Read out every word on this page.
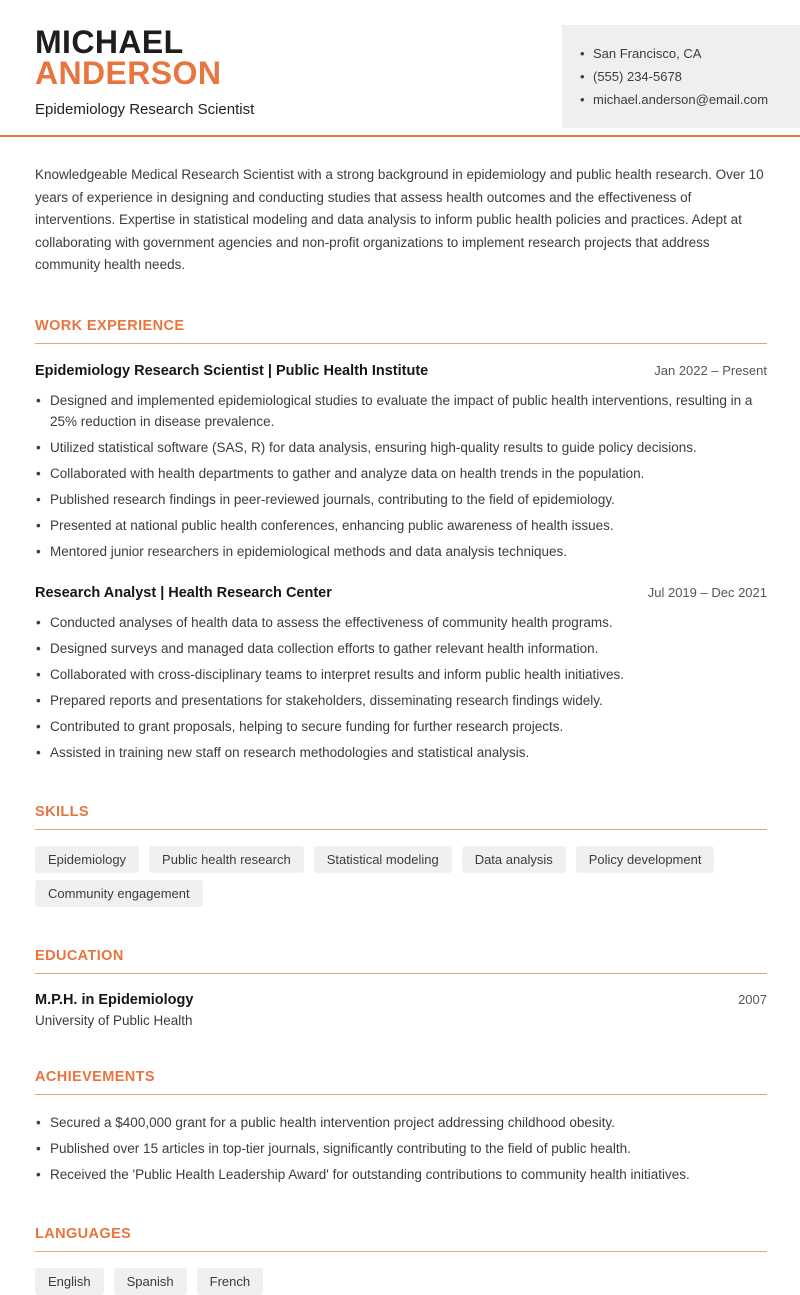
MICHAEL
ANDERSON
Epidemiology Research Scientist
• San Francisco, CA
• (555) 234-5678
• michael.anderson@email.com

Knowledgeable Medical Research Scientist with a strong background in epidemiology and public health research. Over 10 years of experience in designing and conducting studies that assess health outcomes and the effectiveness of interventions. Expertise in statistical modeling and data analysis to inform public health policies and practices. Adept at collaborating with government agencies and non-profit organizations to implement research projects that address community health needs.

WORK EXPERIENCE
Epidemiology Research Scientist | Public Health Institute	Jan 2022 – Present
• Designed and implemented epidemiological studies to evaluate the impact of public health interventions, resulting in a 25% reduction in disease prevalence.
• Utilized statistical software (SAS, R) for data analysis, ensuring high-quality results to guide policy decisions.
• Collaborated with health departments to gather and analyze data on health trends in the population.
• Published research findings in peer-reviewed journals, contributing to the field of epidemiology.
• Presented at national public health conferences, enhancing public awareness of health issues.
• Mentored junior researchers in epidemiological methods and data analysis techniques.
Research Analyst | Health Research Center	Jul 2019 – Dec 2021
• Conducted analyses of health data to assess the effectiveness of community health programs.
• Designed surveys and managed data collection efforts to gather relevant health information.
• Collaborated with cross-disciplinary teams to interpret results and inform public health initiatives.
• Prepared reports and presentations for stakeholders, disseminating research findings widely.
• Contributed to grant proposals, helping to secure funding for further research projects.
• Assisted in training new staff on research methodologies and statistical analysis.
SKILLS
Epidemiology	Public health research	Statistical modeling	Data analysis	Policy development
Community engagement
EDUCATION
M.P.H. in Epidemiology	2007
University of Public Health
ACHIEVEMENTS
• Secured a $400,000 grant for a public health intervention project addressing childhood obesity.
• Published over 15 articles in top-tier journals, significantly contributing to the field of public health.
• Received the 'Public Health Leadership Award' for outstanding contributions to community health initiatives.
LANGUAGES
English	Spanish	French
